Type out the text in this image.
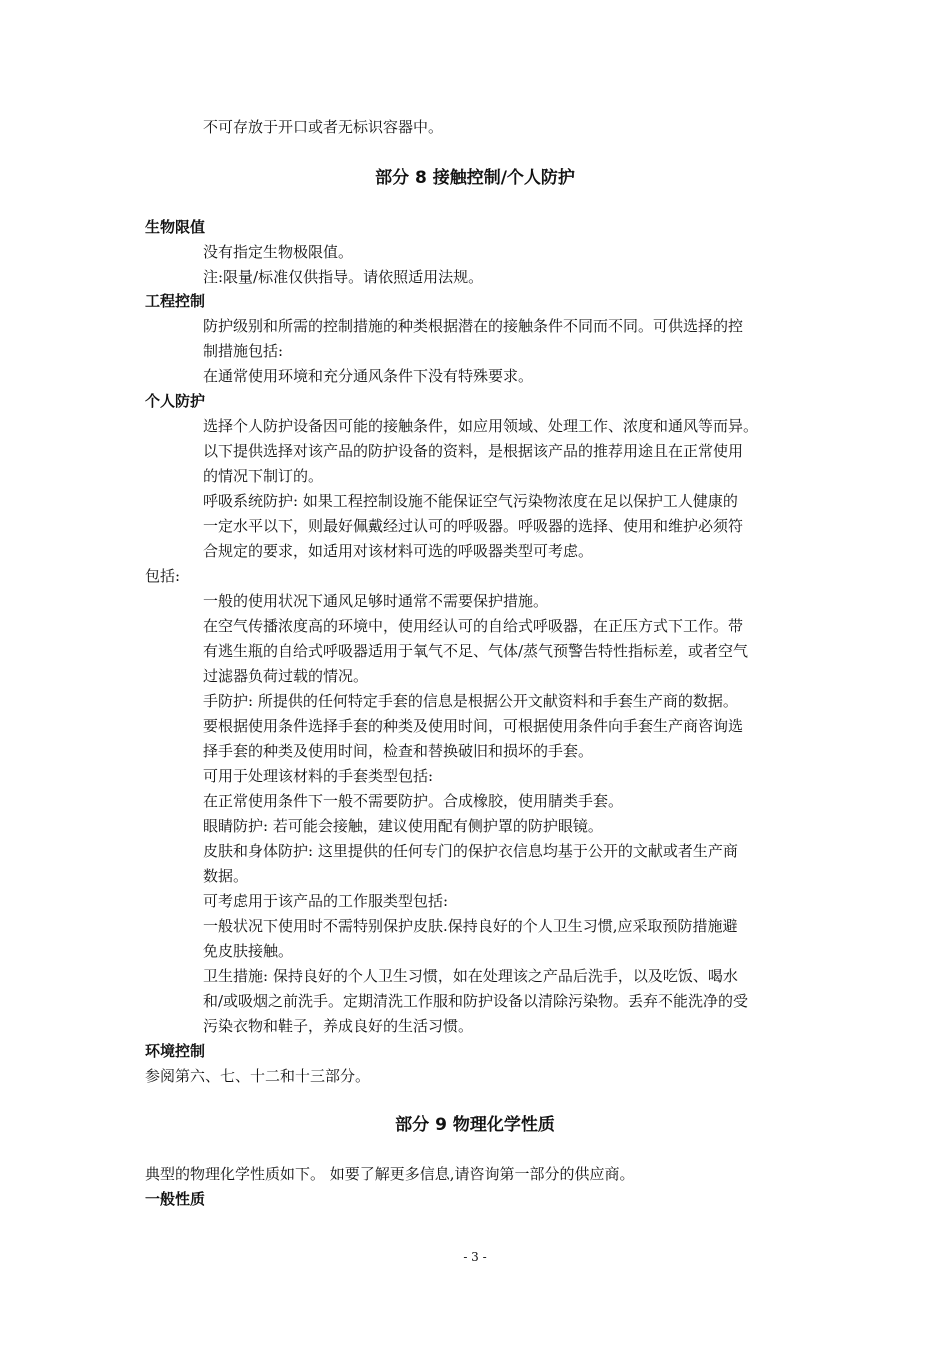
不可存放于开口或者无标识容器中。
部分 8 接触控制/个人防护
生物限值
没有指定生物极限值。
注:限量/标准仅供指导。请依照适用法规。
工程控制
防护级别和所需的控制措施的种类根据潜在的接触条件不同而不同。可供选择的控
制措施包括:
在通常使用环境和充分通风条件下没有特殊要求。
个人防护
选择个人防护设备因可能的接触条件，如应用领域、处理工作、浓度和通风等而异。
以下提供选择对该产品的防护设备的资料，是根据该产品的推荐用途且在正常使用
的情况下制订的。
呼吸系统防护: 如果工程控制设施不能保证空气污染物浓度在足以保护工人健康的
一定水平以下，则最好佩戴经过认可的呼吸器。呼吸器的选择、使用和维护必须符
合规定的要求，如适用对该材料可选的呼吸器类型可考虑。
包括:
一般的使用状况下通风足够时通常不需要保护措施。
在空气传播浓度高的环境中，使用经认可的自给式呼吸器，在正压方式下工作。带
有逃生瓶的自给式呼吸器适用于氧气不足、气体/蒸气预警告特性指标差，或者空气
过滤器负荷过载的情况。
手防护: 所提供的任何特定手套的信息是根据公开文献资料和手套生产商的数据。
要根据使用条件选择手套的种类及使用时间，可根据使用条件向手套生产商咨询选
择手套的种类及使用时间，检查和替换破旧和损坏的手套。
可用于处理该材料的手套类型包括:
在正常使用条件下一般不需要防护。合成橡胶，使用腈类手套。
眼睛防护: 若可能会接触，建议使用配有侧护罩的防护眼镜。
皮肤和身体防护: 这里提供的任何专门的保护衣信息均基于公开的文献或者生产商
数据。
可考虑用于该产品的工作服类型包括:
一般状况下使用时不需特别保护皮肤.保持良好的个人卫生习惯,应采取预防措施避
免皮肤接触。
卫生措施: 保持良好的个人卫生习惯，如在处理该之产品后洗手，以及吃饭、喝水
和/或吸烟之前洗手。定期清洗工作服和防护设备以清除污染物。丢弃不能洗净的受
污染衣物和鞋子，养成良好的生活习惯。
环境控制
参阅第六、七、十二和十三部分。
部分 9 物理化学性质
典型的物理化学性质如下。 如要了解更多信息,请咨询第一部分的供应商。
一般性质
- 3 -
